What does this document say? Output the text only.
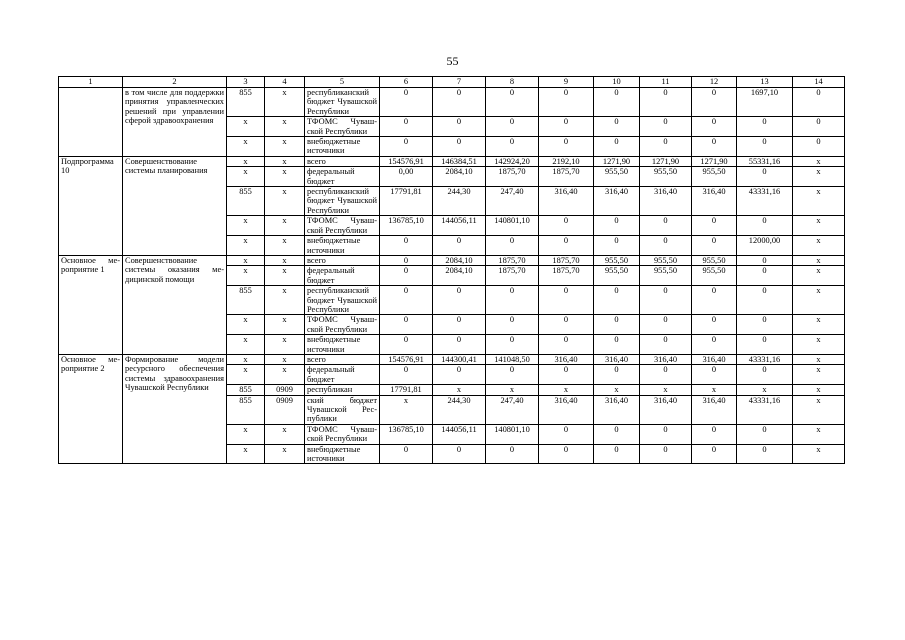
55
1	2	3	4	5	6	7	8	9	10	11	12	13	14
	в том числе для поддержки принятия управленческих решений при управлении сферой здравоохранения	855	x	республиканский бюджет Чувашской Республики	0	0	0	0	0	0	0	1697,10	0
		x	x	ТФОМС Чувашской Республики	0	0	0	0	0	0	0	0	0
		x	x	внебюджетные источники	0	0	0	0	0	0	0	0	0
Подпрограмма 10	Совершенствование системы планирования	x	x	всего	154576,91	146384,51	142924,20	2192,10	1271,90	1271,90	1271,90	55331,16	x
		x	x	федеральный бюджет	0,00	2084,10	1875,70	1875,70	955,50	955,50	955,50	0	x
		855	x	республиканский бюджет Чувашской Республики	17791,81	244,30	247,40	316,40	316,40	316,40	316,40	43331,16	x
		x	x	ТФОМС Чувашской Республики	136785,10	144056,11	140801,10	0	0	0	0	0	x
		x	x	внебюджетные источники	0	0	0	0	0	0	0	12000,00	x
Основное мероприятие 1	Совершенствование системы оказания медицинской помощи	x	x	всего	0	2084,10	1875,70	1875,70	955,50	955,50	955,50	0	x
		x	x	федеральный бюджет	0	2084,10	1875,70	1875,70	955,50	955,50	955,50	0	x
		855	x	республиканский бюджет Чувашской Республики	0	0	0	0	0	0	0	0	x
		x	x	ТФОМС Чувашской Республики	0	0	0	0	0	0	0	0	x
		x	x	внебюджетные источники	0	0	0	0	0	0	0	0	x
Основное мероприятие 2	Формирование модели ресурсного обеспечения системы здравоохранения Чувашской Республики	x	x	всего	154576,91	144300,41	141048,50	316,40	316,40	316,40	316,40	43331,16	x
		x	x	федеральный бюджет	0	0	0	0	0	0	0	0	x
		855	0909	республикан	17791,81	x	x	x	x	x	x	x	x
		855	0909	ский бюджет Чувашской Республики	x	244,30	247,40	316,40	316,40	316,40	316,40	43331,16	x
		x	x	ТФОМС Чувашской Республики	136785,10	144056,11	140801,10	0	0	0	0	0	x
		x	x	внебюджетные источники	0	0	0	0	0	0	0	0	x
